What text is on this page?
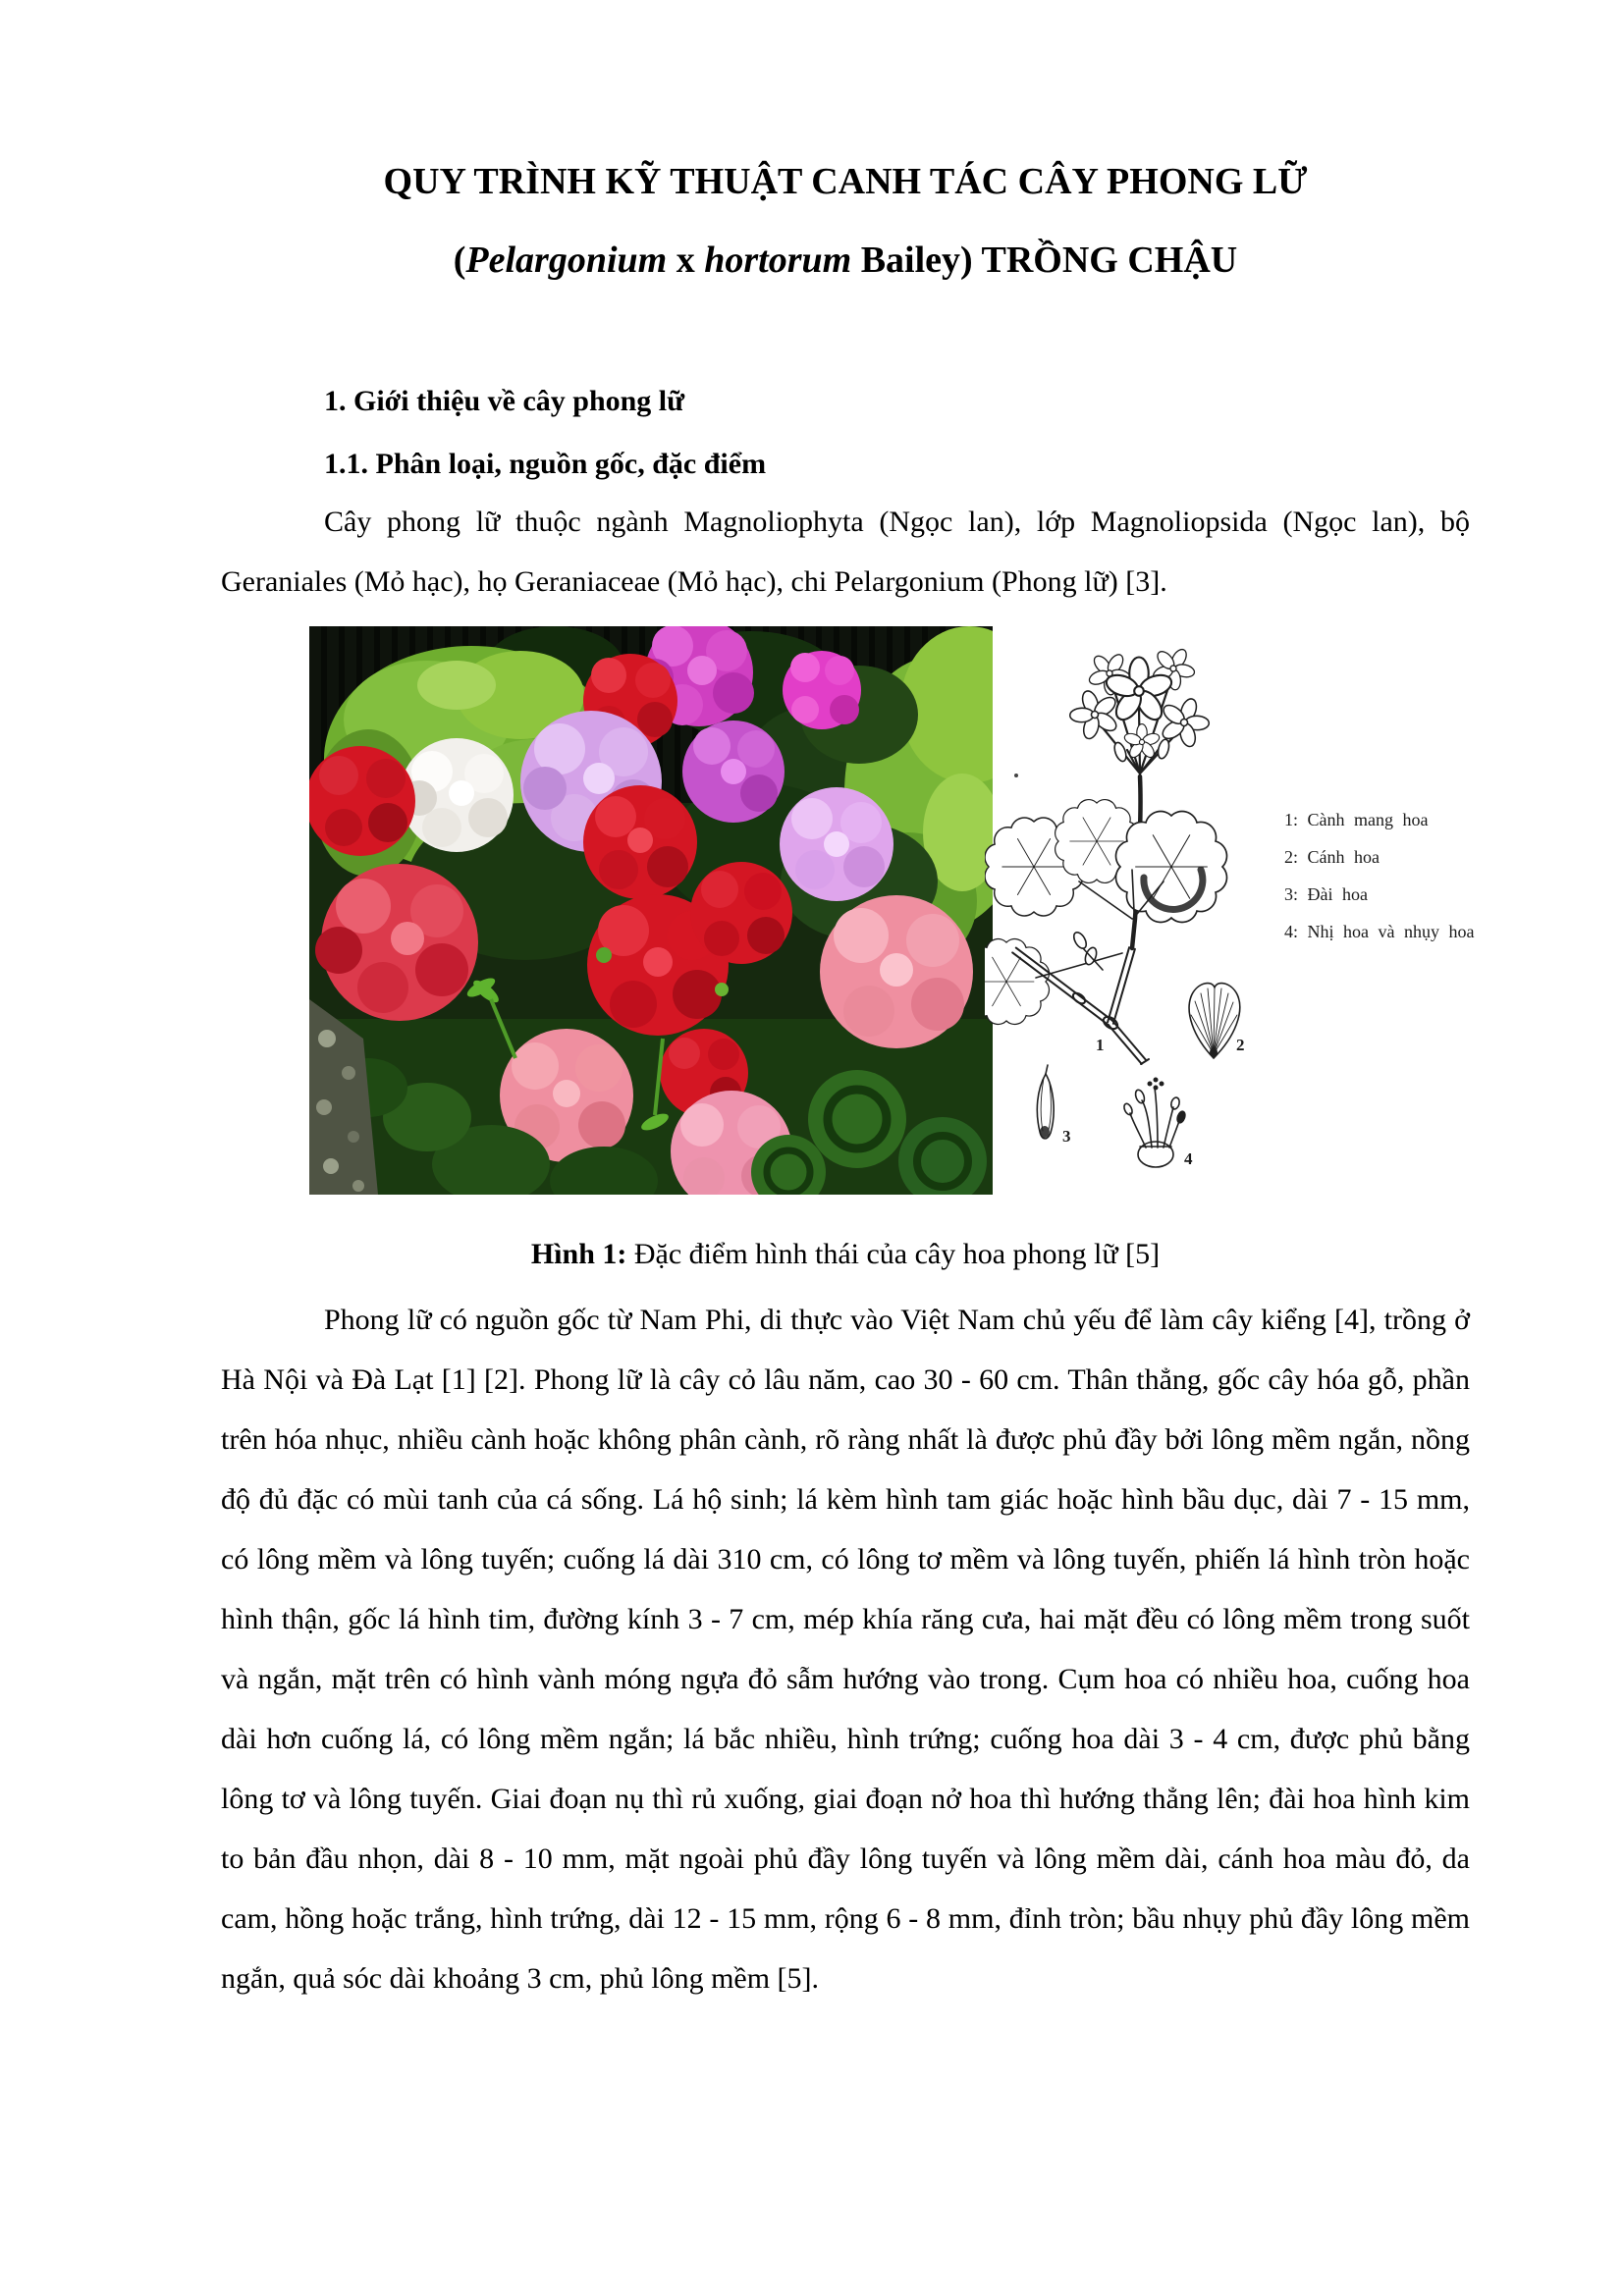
QUY TRÌNH KỸ THUẬT CANH TÁC CÂY PHONG LỮ
(Pelargonium x hortorum Bailey) TRỒNG CHẬU
1. Giới thiệu về cây phong lữ
1.1. Phân loại, nguồn gốc, đặc điểm
Cây phong lữ thuộc ngành Magnoliophyta (Ngọc lan), lớp Magnoliopsida (Ngọc lan), bộ Geraniales (Mỏ hạc), họ Geraniaceae (Mỏ hạc), chi Pelargonium (Phong lữ) [3].
1	2
3
4
1: Cành mang hoa
2: Cánh hoa
3: Đài hoa
4: Nhị hoa và nhụy hoa
Hình 1: Đặc điểm hình thái của cây hoa phong lữ [5]
Phong lữ có nguồn gốc từ Nam Phi, di thực vào Việt Nam chủ yếu để làm cây kiểng [4], trồng ở Hà Nội và Đà Lạt [1] [2]. Phong lữ là cây cỏ lâu năm, cao 30 - 60 cm. Thân thẳng, gốc cây hóa gỗ, phần trên hóa nhục, nhiều cành hoặc không phân cành, rõ ràng nhất là được phủ đầy bởi lông mềm ngắn, nồng độ đủ đặc có mùi tanh của cá sống. Lá hộ sinh; lá kèm hình tam giác hoặc hình bầu dục, dài 7 - 15 mm, có lông mềm và lông tuyến; cuống lá dài 310 cm, có lông tơ mềm và lông tuyến, phiến lá hình tròn hoặc hình thận, gốc lá hình tim, đường kính 3 - 7 cm, mép khía răng cưa, hai mặt đều có lông mềm trong suốt và ngắn, mặt trên có hình vành móng ngựa đỏ sẫm hướng vào trong. Cụm hoa có nhiều hoa, cuống hoa dài hơn cuống lá, có lông mềm ngắn; lá bắc nhiều, hình trứng; cuống hoa dài 3 - 4 cm, được phủ bằng lông tơ và lông tuyến. Giai đoạn nụ thì rủ xuống, giai đoạn nở hoa thì hướng thẳng lên; đài hoa hình kim to bản đầu nhọn, dài 8 - 10 mm, mặt ngoài phủ đầy lông tuyến và lông mềm dài, cánh hoa màu đỏ, da cam, hồng hoặc trắng, hình trứng, dài 12 - 15 mm, rộng 6 - 8 mm, đỉnh tròn; bầu nhụy phủ đầy lông mềm ngắn, quả sóc dài khoảng 3 cm, phủ lông mềm [5].
